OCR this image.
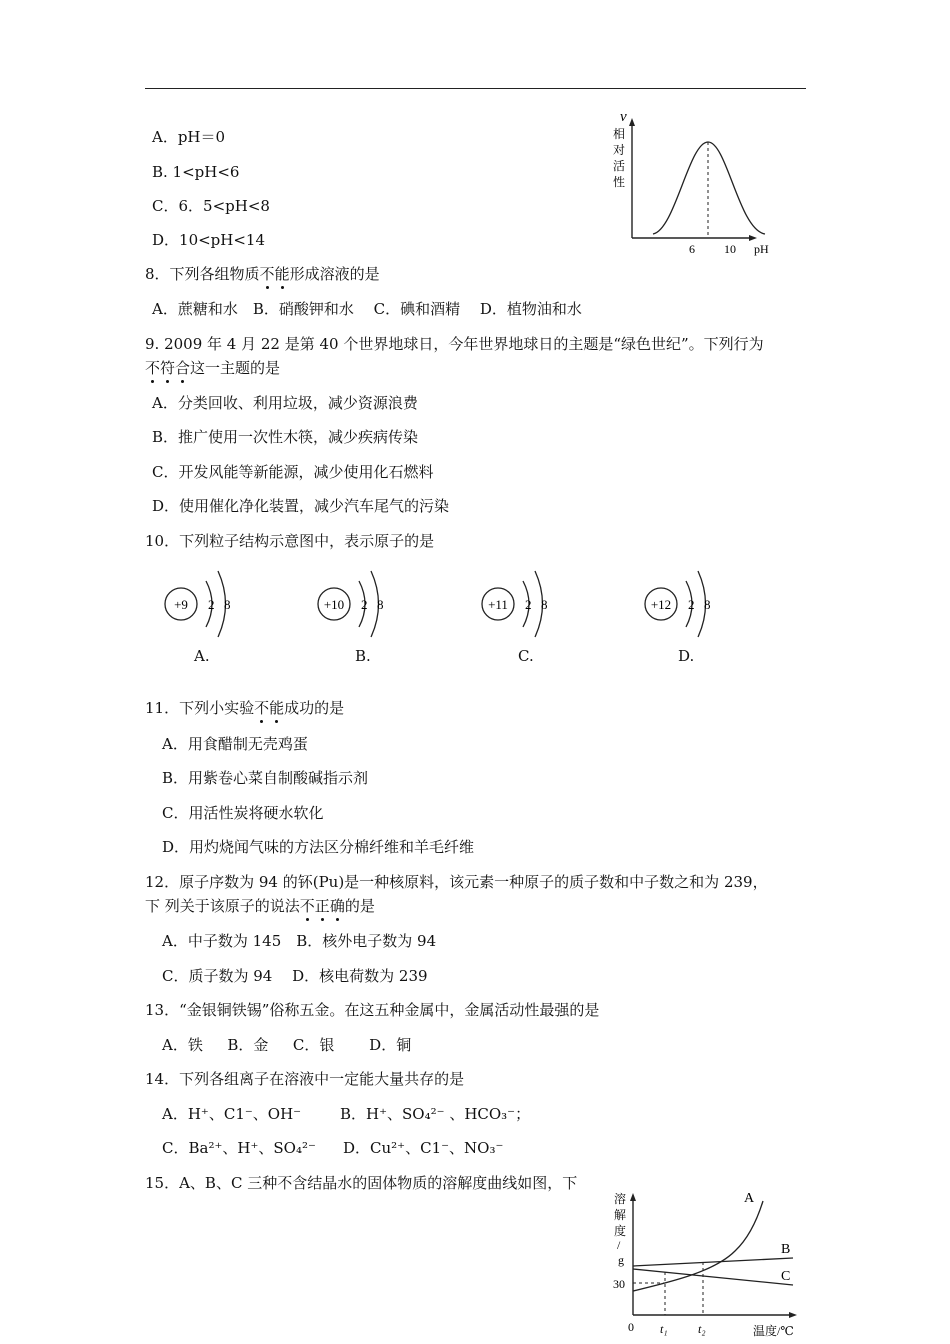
A．pH＝0
B. 1<pH<6
C．6．5<pH<8
D．10<pH<14
v
相
对
活
性
6 10 pH
8．下列各组物质不能形成溶液的是
A．蔗糖和水　B．硝酸钾和水　 C．碘和酒精　 D．植物油和水
9. 2009 年 4 月 22 是第 40 个世界地球日，今年世界地球日的主题是“绿色世纪”。下列行为
不符合这一主题的是
A．分类回收、利用垃圾，减少资源浪费
B．推广使用一次性木筷，减少疾病传染
C．开发风能等新能源，减少使用化石燃料
D．使用催化净化装置，减少汽车尾气的污染
10．下列粒子结构示意图中，表示原子的是
+9 2 8
A.
+10 2 8
B.
+11 2 8
C.
+12 2 8
D.
11．下列小实验不能成功的是
A．用食醋制无壳鸡蛋
B．用紫卷心菜自制酸碱指示剂
C．用活性炭将硬水软化
D．用灼烧闻气味的方法区分棉纤维和羊毛纤维
12．原子序数为 94 的钚(Pu)是一种核原料，该元素一种原子的质子数和中子数之和为 239，
下 列关于该原子的说法不正确的是
A．中子数为 145　B．核外电子数为 94
C．质子数为 94 　D．核电荷数为 239
13．“金银铜铁锡”俗称五金。在这五种金属中，金属活动性最强的是
A．铁 　 B．金 　 C．银 　　D．铜
14．下列各组离子在溶液中一定能大量共存的是
A．H⁺、C1⁻、OH⁻	B．H⁺、SO₄²⁻ 、HCO₃⁻；
C．Ba²⁺、H⁺、SO₄²⁻ D．Cu²⁺、C1⁻、NO₃⁻
15．A、B、C 三种不含结晶水的固体物质的溶解度曲线如图，下
溶
解
度
/
g
30
0 t₁	t₂	温度/℃
A
B
C
